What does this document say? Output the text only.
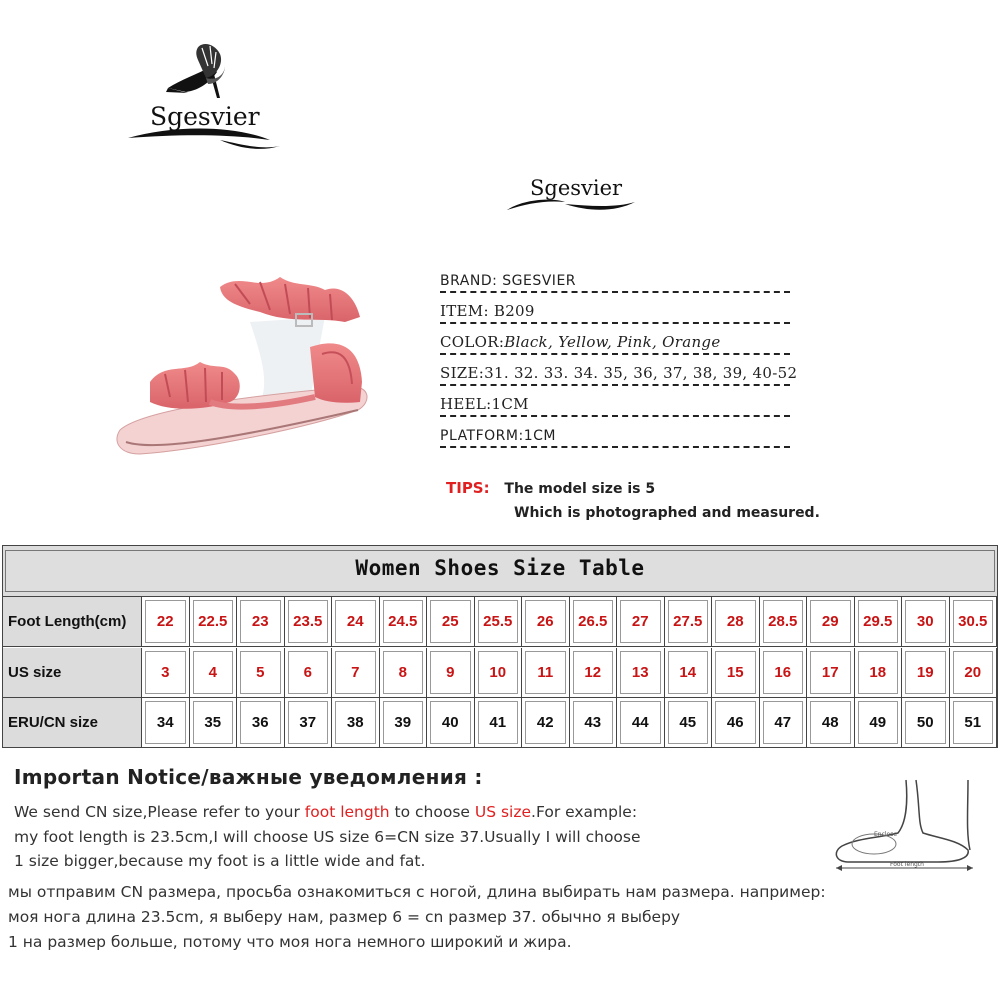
Sgesvier
Sgesvier
BRAND: SGESVIER
ITEM: B209
COLOR:Black, Yellow, Pink, Orange
SIZE:31. 32. 33. 34. 35, 36, 37, 38, 39, 40-52
HEEL:1CM
PLATFORM:1CM
TIPS: The model size is 5
Which is photographed and measured.
Women Shoes Size Table
Foot Length(cm)	22 22.5 23 23.5 24 24.5 25 25.5 26 26.5 27 27.5 28 28.5 29 29.5 30 30.5
US size	3	4	5	6	7	8	9 10 11 12 13 14 15 16 17 18 19 20
ERU/CN size	34 35 36 37 38 39 40 41 42 43 44 45 46 47 48 49 50 51
Importan Notice/важные уведомления :
We send CN size,Please refer to your foot length to choose US size.For example:
my foot length is 23.5cm,I will choose US size 6=CN size 37.Usually I will choose
1 size bigger,because my foot is a little wide and fat.
мы отправим CN размера, просьба ознакомиться с ногой, длина выбирать нам размера. например:
моя нога длина 23.5cm, я выберу нам, размер 6 = cn размер 37. обычно я выберу
1 на размер больше, потому что моя нога немного широкий и жира.
Enclose
Foot length
